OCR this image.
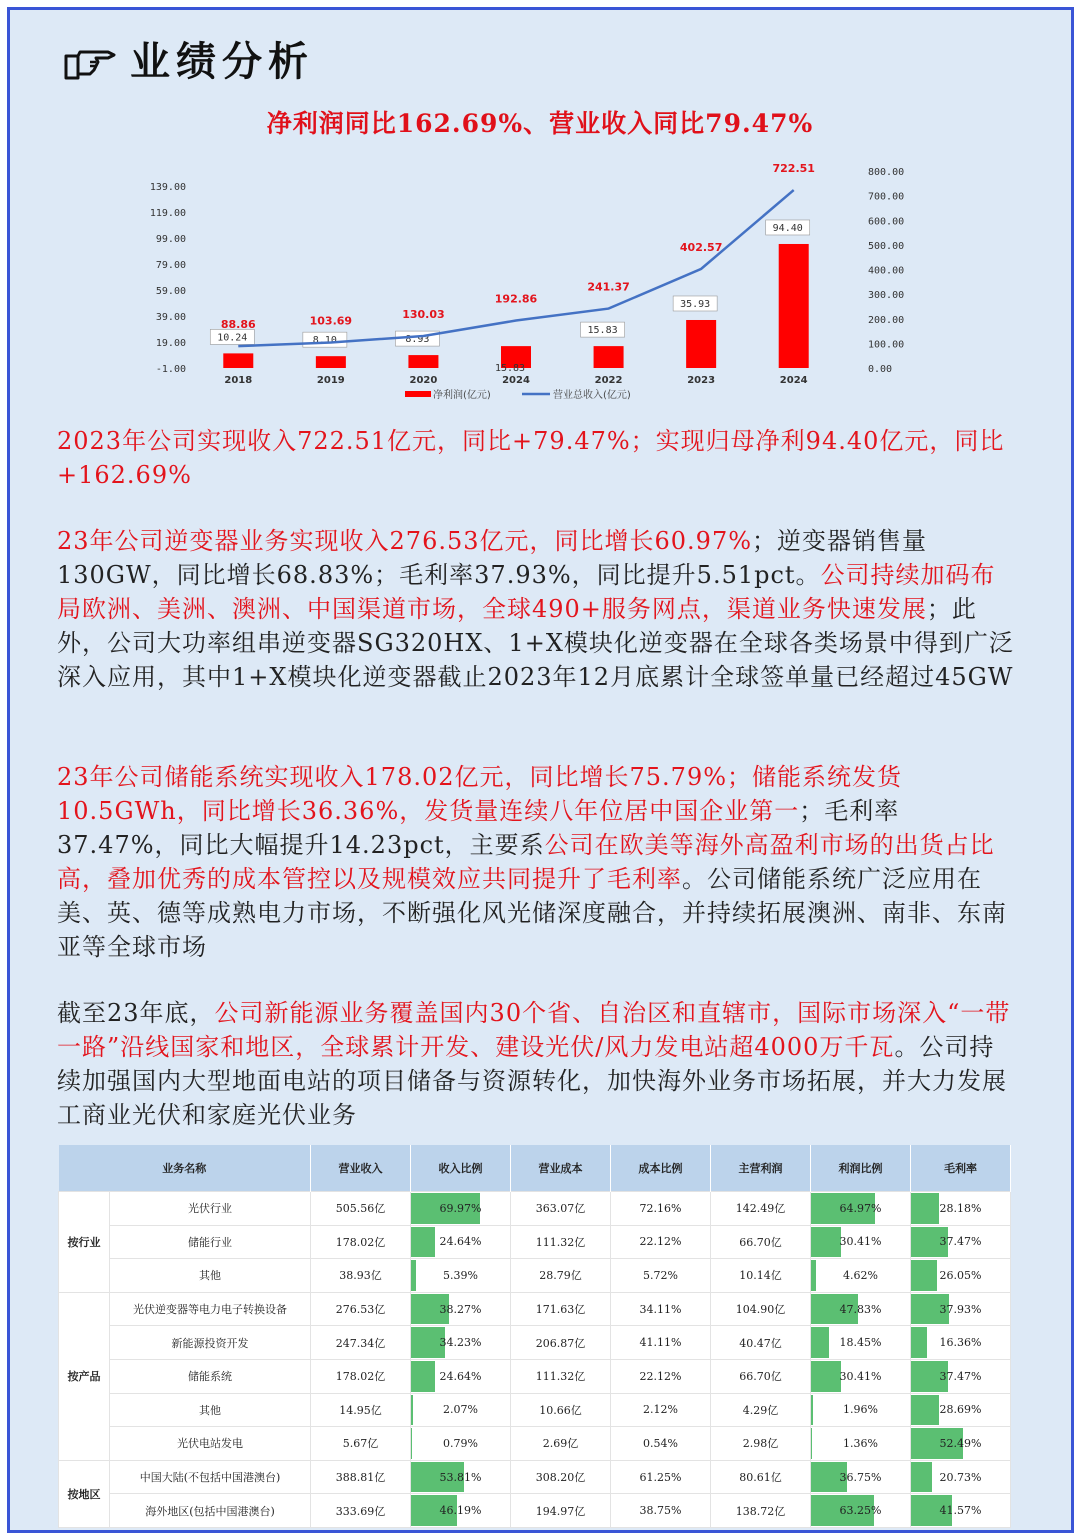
业绩分析
净利润同比162.69%、营业收入同比79.47%
139.00
119.00
99.00
79.00
59.00
39.00
19.00
-1.00
800.00
700.00
600.00
500.00
400.00
300.00
200.00
100.00
0.00
10.24	8.10	8.93
15.83
35.93
94.40
15.83
88.86	103.69	130.03
192.86
241.37
402.57
722.51
2018	2019	2020	2024	2022	2023	2024
净利润(亿元)	营业总收入(亿元)
2023年公司实现收入722.51亿元，同比+79.47%；实现归母净利94.40亿元，同比+162.69%
23年公司逆变器业务实现收入276.53亿元，同比增长60.97%；逆变器销售量130GW，同比增长68.83%；毛利率37.93%，同比提升5.51pct。公司持续加码布局欧洲、美洲、澳洲、中国渠道市场，全球490+服务网点，渠道业务快速发展；此外，公司大功率组串逆变器SG320HX、1+X模块化逆变器在全球各类场景中得到广泛深入应用，其中1+X模块化逆变器截止2023年12月底累计全球签单量已经超过45GW
23年公司储能系统实现收入178.02亿元，同比增长75.79%；储能系统发货10.5GWh，同比增长36.36%，发货量连续八年位居中国企业第一；毛利率37.47%，同比大幅提升14.23pct，主要系公司在欧美等海外高盈利市场的出货占比高，叠加优秀的成本管控以及规模效应共同提升了毛利率。公司储能系统广泛应用在美、英、德等成熟电力市场，不断强化风光储深度融合，并持续拓展澳洲、南非、东南亚等全球市场
截至23年底，公司新能源业务覆盖国内30个省、自治区和直辖市，国际市场深入“一带一路”沿线国家和地区，全球累计开发、建设光伏/风力发电站超4000万千瓦。公司持续加强国内大型地面电站的项目储备与资源转化，加快海外业务市场拓展，并大力发展工商业光伏和家庭光伏业务
业务名称		营业收入	收入比例	营业成本	成本比例	主营利润	利润比例	毛利率
按行业	光伏行业	505.56亿	69.97%	363.07亿	72.16%	142.49亿	64.97%	28.18%
	储能行业	178.02亿	24.64%	111.32亿	22.12%	66.70亿	30.41%	37.47%
	其他	38.93亿	5.39%	28.79亿	5.72%	10.14亿	4.62%	26.05%
按产品	光伏逆变器等电力电子转换设备	276.53亿	38.27%	171.63亿	34.11%	104.90亿	47.83%	37.93%
	新能源投资开发	247.34亿	34.23%	206.87亿	41.11%	40.47亿	18.45%	16.36%
	储能系统	178.02亿	24.64%	111.32亿	22.12%	66.70亿	30.41%	37.47%
	其他	14.95亿	2.07%	10.66亿	2.12%	4.29亿	1.96%	28.69%
	光伏电站发电	5.67亿	0.79%	2.69亿	0.54%	2.98亿	1.36%	52.49%
按地区	中国大陆(不包括中国港澳台)	388.81亿	53.81%	308.20亿	61.25%	80.61亿	36.75%	20.73%
	海外地区(包括中国港澳台)	333.69亿	46.19%	194.97亿	38.75%	138.72亿	63.25%	41.57%
